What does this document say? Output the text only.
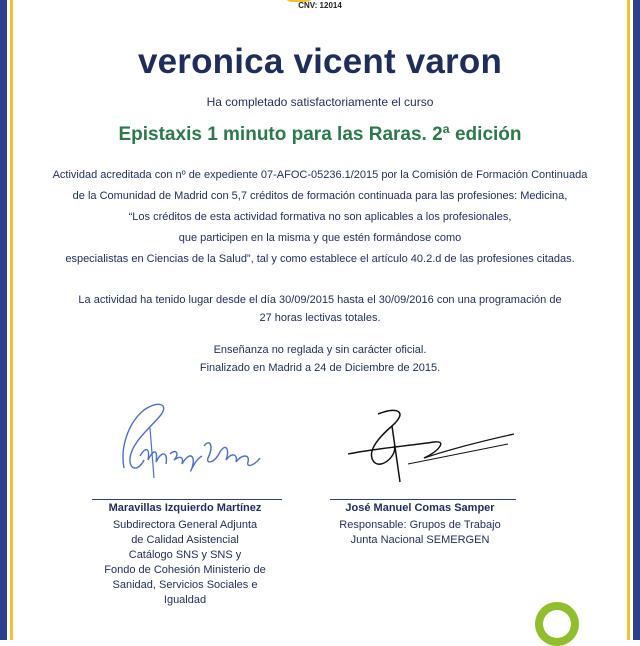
CNV: 12014
veronica vicent varon
Ha completado satisfactoriamente el curso
Epistaxis 1 minuto para las Raras. 2ª edición
Actividad acreditada con nº de expediente 07-AFOC-05236.1/2015 por la Comisión de Formación Continuada
de la Comunidad de Madrid con 5,7 créditos de formación continuada para las profesiones: Medicina,
“Los créditos de esta actividad formativa no son aplicables a los profesionales,
que participen en la misma y que estén formándose como
especialistas en Ciencias de la Salud”, tal y como establece el artículo 40.2.d de las profesiones citadas.
La actividad ha tenido lugar desde el día 30/09/2015 hasta el 30/09/2016 con una programación de
27 horas lectivas totales.
Enseñanza no reglada y sin carácter oficial.
Finalizado en Madrid a 24 de Diciembre de 2015.
Maravillas Izquierdo Martínez	José Manuel Comas Samper
Subdirectora General Adjunta
de Calidad Asistencial
Catálogo SNS y SNS y
Fondo de Cohesión Ministerio de
Sanidad, Servicios Sociales e
Igualdad
Responsable: Grupos de Trabajo
Junta Nacional SEMERGEN
